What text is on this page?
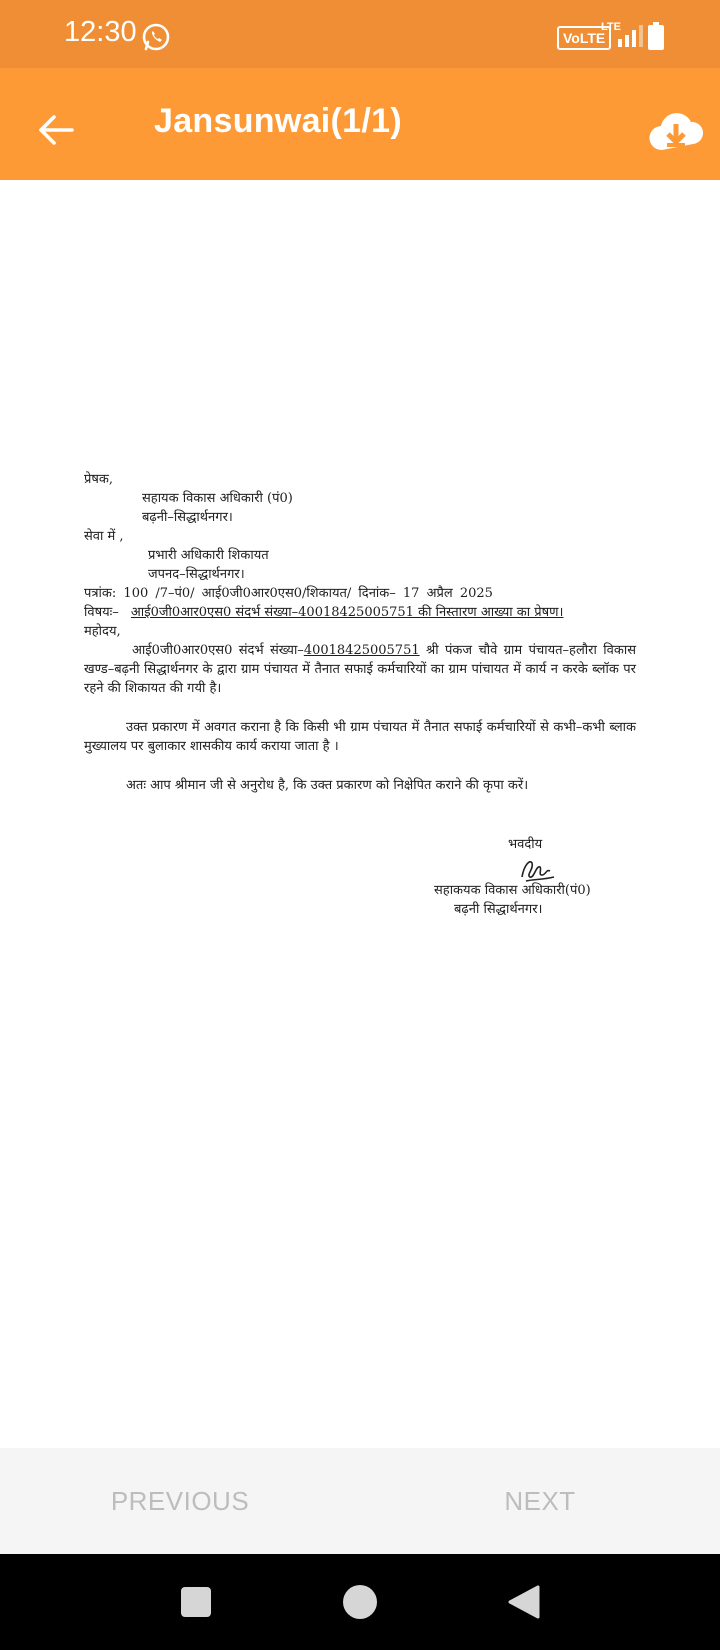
12:30	VoLTE
LTE
Jansunwai(1/1)
प्रेषक,
सहायक विकास अधिकारी (पं0)
बढ़नी–सिद्धार्थनगर।
सेवा में ,
प्रभारी अधिकारी शिकायत
जपनद–सिद्धार्थनगर।
पत्रांक: 100 /7–पं0/ आई0जी0आर0एस0/शिकायत/ दिनांक– 17 अप्रैल 2025
विषयः– आई0जी0आर0एस0 संदर्भ संख्या–40018425005751 की निस्तारण आख्या का प्रेषण।
महोदय,
आई0जी0आर0एस0 संदर्भ संख्या–40018425005751 श्री पंकज चौवे ग्राम पंचायत–हलौरा विकास खण्ड–बढ़नी सिद्धार्थनगर के द्वारा ग्राम पंचायत में तैनात सफाई कर्मचारियों का ग्राम पांचायत में कार्य न करके ब्लॉक पर रहने की शिकायत की गयी है।
उक्त प्रकारण में अवगत कराना है कि किसी भी ग्राम पंचायत में तैनात सफाई कर्मचारियों से कभी–कभी ब्लाक मुख्यालय पर बुलाकार शासकीय कार्य कराया जाता है ।
अतः आप श्रीमान जी से अनुरोध है, कि उक्त प्रकारण को निक्षेपित कराने की कृपा करें।
भवदीय
सहाकयक विकास अधिकारी(पं0)
बढ़नी सिद्धार्थनगर।
PREVIOUS	NEXT
